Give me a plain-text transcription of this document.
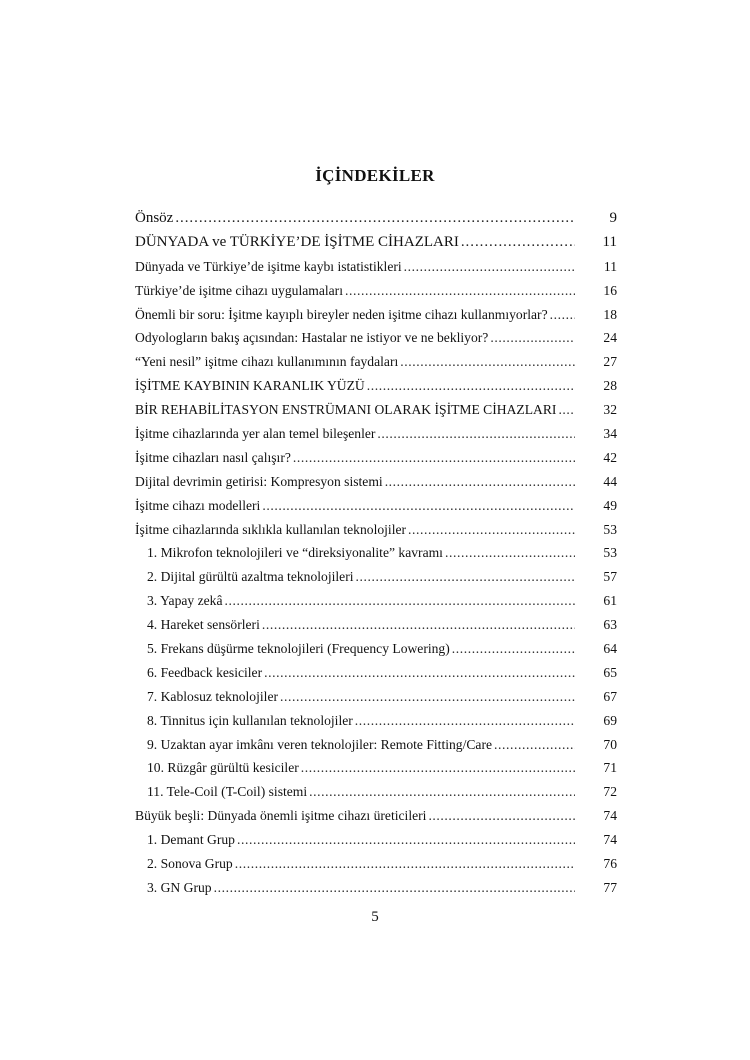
İÇİNDEKİLER
Önsöz . . .	9
DÜNYADA ve TÜRKİYE’DE İŞİTME CİHAZLARI . . .	11
Dünyada ve Türkiye’de işitme kaybı istatistikleri . . .	11
Türkiye’de işitme cihazı uygulamaları . . .	16
Önemli bir soru: İşitme kayıplı bireyler neden işitme cihazı kullanmıyorlar? . . .	18
Odyologların bakış açısından: Hastalar ne istiyor ve ne bekliyor? . . .	24
“Yeni nesil” işitme cihazı kullanımının faydaları . . .	27
İŞİTME KAYBININ KARANLIK YÜZÜ . . .	28
BİR REHABİLİTASYON ENSTRÜMANI OLARAK İŞİTME CİHAZLARI . . .	32
İşitme cihazlarında yer alan temel bileşenler . . .	34
İşitme cihazları nasıl çalışır? . . .	42
Dijital devrimin getirisi: Kompresyon sistemi . . .	44
İşitme cihazı modelleri . . .	49
İşitme cihazlarında sıklıkla kullanılan teknolojiler . . .	53
1. Mikrofon teknolojileri ve “direksiyonalite” kavramı . . .	53
2. Dijital gürültü azaltma teknolojileri . . .	57
3. Yapay zekâ . . .	61
4. Hareket sensörleri . . .	63
5. Frekans düşürme teknolojileri (Frequency Lowering) . . .	64
6. Feedback kesiciler . . .	65
7. Kablosuz teknolojiler . . .	67
8. Tinnitus için kullanılan teknolojiler . . .	69
9. Uzaktan ayar imkânı veren teknolojiler: Remote Fitting/Care . . .	70
10. Rüzgâr gürültü kesiciler . . .	71
11. Tele-Coil (T-Coil) sistemi . . .	72
Büyük beşli: Dünyada önemli işitme cihazı üreticileri . . .	74
1. Demant Grup . . .	74
2. Sonova Grup . . .	76
3. GN Grup . . .	77
5
